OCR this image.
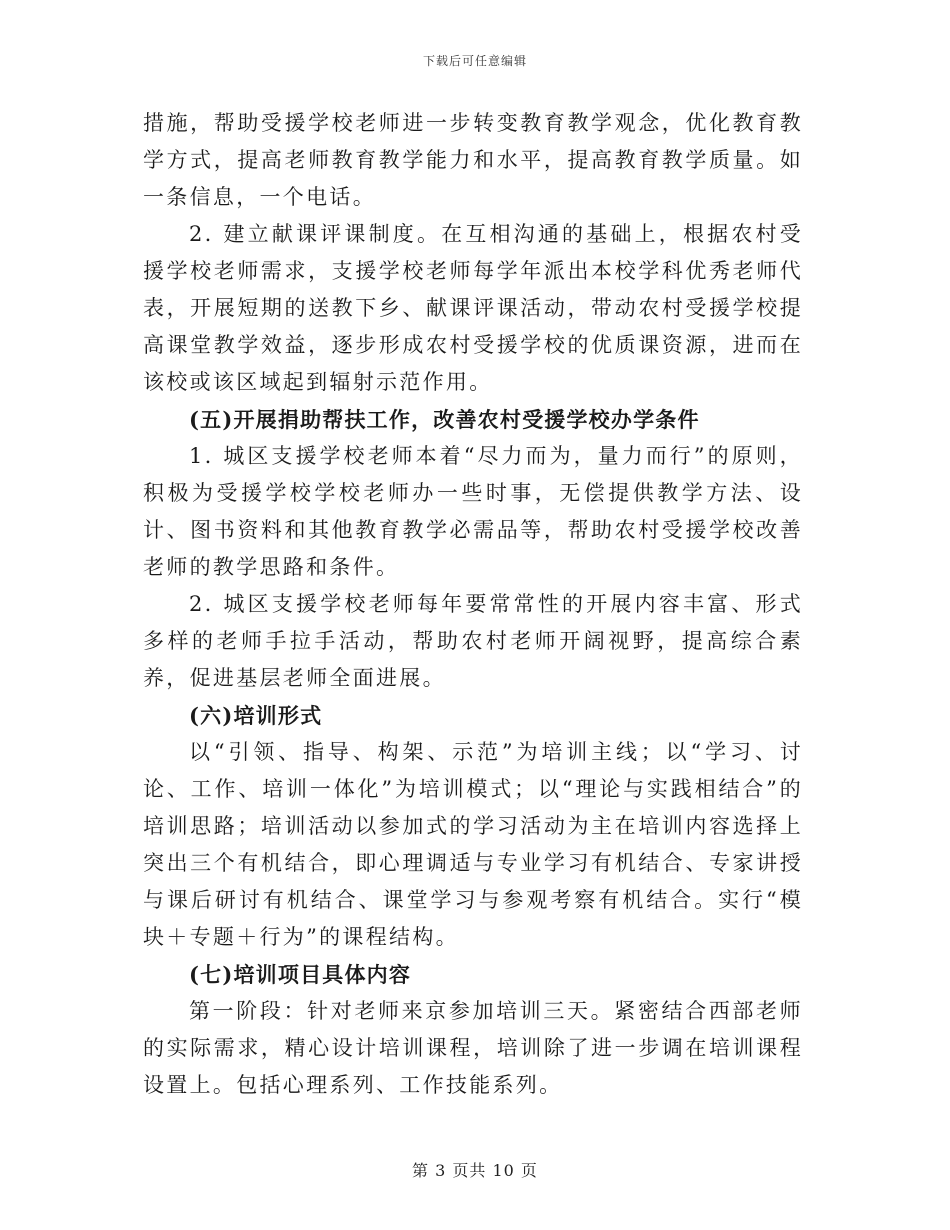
下载后可任意编辑

措施，帮助受援学校老师进一步转变教育教学观念，优化教育教学方式，提高老师教育教学能力和水平，提高教育教学质量。如一条信息，一个电话。

2. 建立献课评课制度。在互相沟通的基础上，根据农村受援学校老师需求，支援学校老师每学年派出本校学科优秀老师代表，开展短期的送教下乡、献课评课活动，带动农村受援学校提高课堂教学效益，逐步形成农村受援学校的优质课资源，进而在该校或该区域起到辐射示范作用。

(五)开展捐助帮扶工作，改善农村受援学校办学条件

1. 城区支援学校老师本着“尽力而为，量力而行”的原则，积极为受援学校学校老师办一些时事，无偿提供教学方法、设计、图书资料和其他教育教学必需品等，帮助农村受援学校改善老师的教学思路和条件。

2. 城区支援学校老师每年要常常性的开展内容丰富、形式多样的老师手拉手活动，帮助农村老师开阔视野，提高综合素养，促进基层老师全面进展。

(六)培训形式

以“引领、指导、构架、示范”为培训主线；以“学习、讨论、工作、培训一体化”为培训模式；以“理论与实践相结合”的培训思路；培训活动以参加式的学习活动为主在培训内容选择上突出三个有机结合，即心理调适与专业学习有机结合、专家讲授与课后研讨有机结合、课堂学习与参观考察有机结合。实行“模块＋专题＋行为”的课程结构。

(七)培训项目具体内容

第一阶段：针对老师来京参加培训三天。紧密结合西部老师的实际需求，精心设计培训课程，培训除了进一步调在培训课程设置上。包括心理系列、工作技能系列。

第 3 页共 10 页
